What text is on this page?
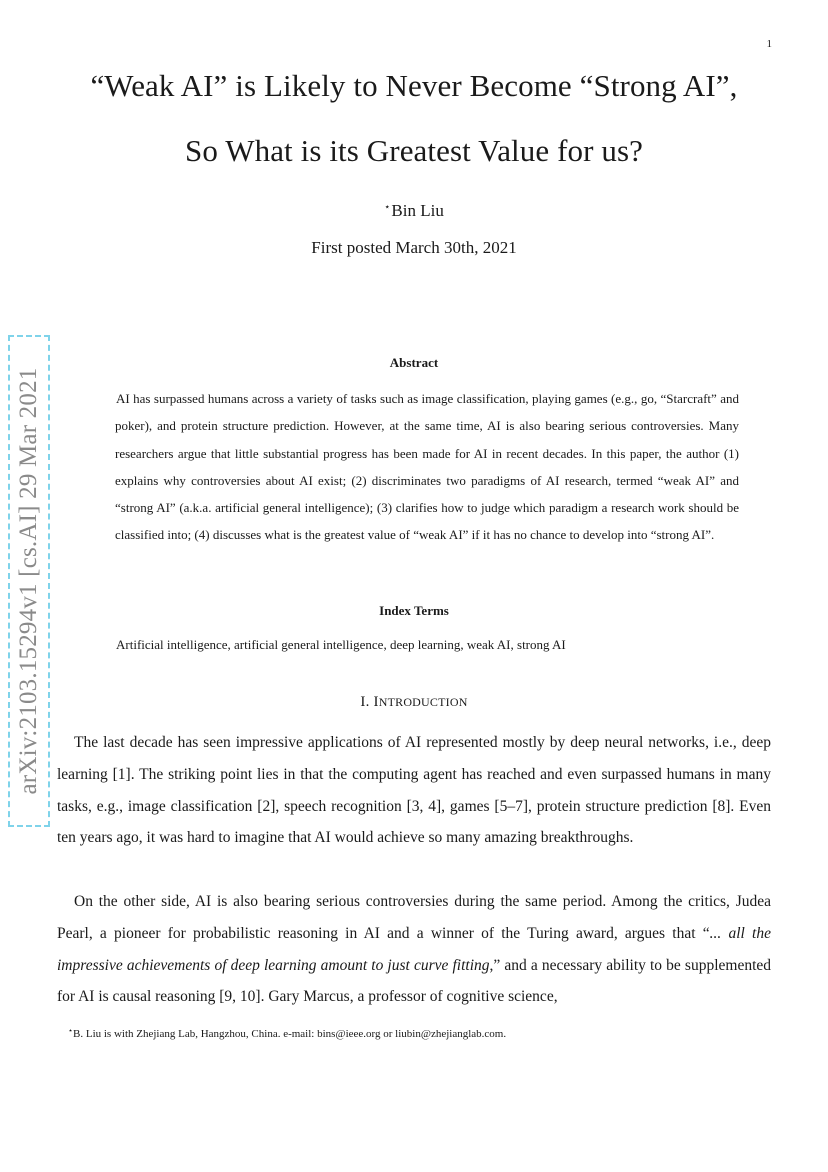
1
“Weak AI” is Likely to Never Become “Strong AI”,
So What is its Greatest Value for us?
⋆Bin Liu
First posted March 30th, 2021
arXiv:2103.15294v1 [cs.AI] 29 Mar 2021
Abstract
AI has surpassed humans across a variety of tasks such as image classification, playing games (e.g., go, “Starcraft” and poker), and protein structure prediction. However, at the same time, AI is also bearing serious controversies. Many researchers argue that little substantial progress has been made for AI in recent decades. In this paper, the author (1) explains why controversies about AI exist; (2) discriminates two paradigms of AI research, termed “weak AI” and “strong AI” (a.k.a. artificial general intelligence); (3) clarifies how to judge which paradigm a research work should be classified into; (4) discusses what is the greatest value of “weak AI” if it has no chance to develop into “strong AI”.
Index Terms
Artificial intelligence, artificial general intelligence, deep learning, weak AI, strong AI
I. INTRODUCTION

The last decade has seen impressive applications of AI represented mostly by deep neural networks, i.e., deep learning [1]. The striking point lies in that the computing agent has reached and even surpassed humans in many tasks, e.g., image classification [2], speech recognition [3, 4], games [5–7], protein structure prediction [8]. Even ten years ago, it was hard to imagine that AI would achieve so many amazing breakthroughs.

On the other side, AI is also bearing serious controversies during the same period. Among the critics, Judea Pearl, a pioneer for probabilistic reasoning in AI and a winner of the Turing award, argues that “... all the impressive achievements of deep learning amount to just curve fitting,” and a necessary ability to be supplemented for AI is causal reasoning [9, 10]. Gary Marcus, a professor of cognitive science,

⋆B. Liu is with Zhejiang Lab, Hangzhou, China. e-mail: bins@ieee.org or liubin@zhejianglab.com.
